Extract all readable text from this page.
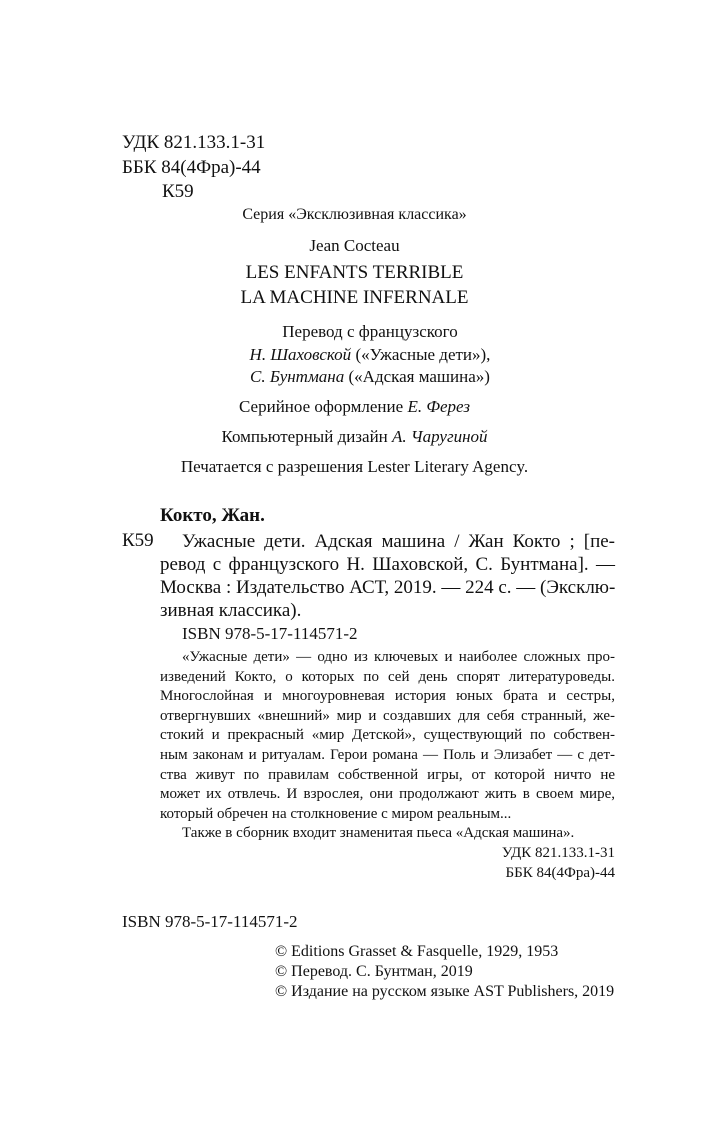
УДК 821.133.1-31
ББК 84(4Фра)-44
К59
Серия «Эксклюзивная классика»
Jean Cocteau
LES ENFANTS TERRIBLE
LA MACHINE INFERNALE
Перевод с французского
Н. Шаховской («Ужасные дети»),
С. Бунтмана («Адская машина»)
Серийное оформление Е. Ферез
Компьютерный дизайн А. Чаругиной
Печатается с разрешения Lester Literary Agency.
Кокто, Жан.
К59	Ужасные дети. Адская машина / Жан Кокто ; [пе-
ревод с французского Н. Шаховской, С. Бунтмана]. —
Москва : Издательство АСТ, 2019. — 224 с. — (Эксклю-
зивная классика).
ISBN 978-5-17-114571-2
«Ужасные дети» — одно из ключевых и наиболее сложных про-
изведений Кокто, о которых по сей день спорят литературоведы.
Многослойная и многоуровневая история юных брата и сестры,
отвергнувших «внешний» мир и создавших для себя странный, же-
стокий и прекрасный «мир Детской», существующий по собствен-
ным законам и ритуалам. Герои романа — Поль и Элизабет — с дет-
ства живут по правилам собственной игры, от которой ничто не
может их отвлечь. И взрослея, они продолжают жить в своем мире,
который обречен на столкновение с миром реальным...
Также в сборник входит знаменитая пьеса «Адская машина».
УДК 821.133.1-31
ББК 84(4Фра)-44
ISBN 978-5-17-114571-2
© Editions Grasset & Fasquelle, 1929, 1953
© Перевод. С. Бунтман, 2019
© Издание на русском языке AST Publishers, 2019
